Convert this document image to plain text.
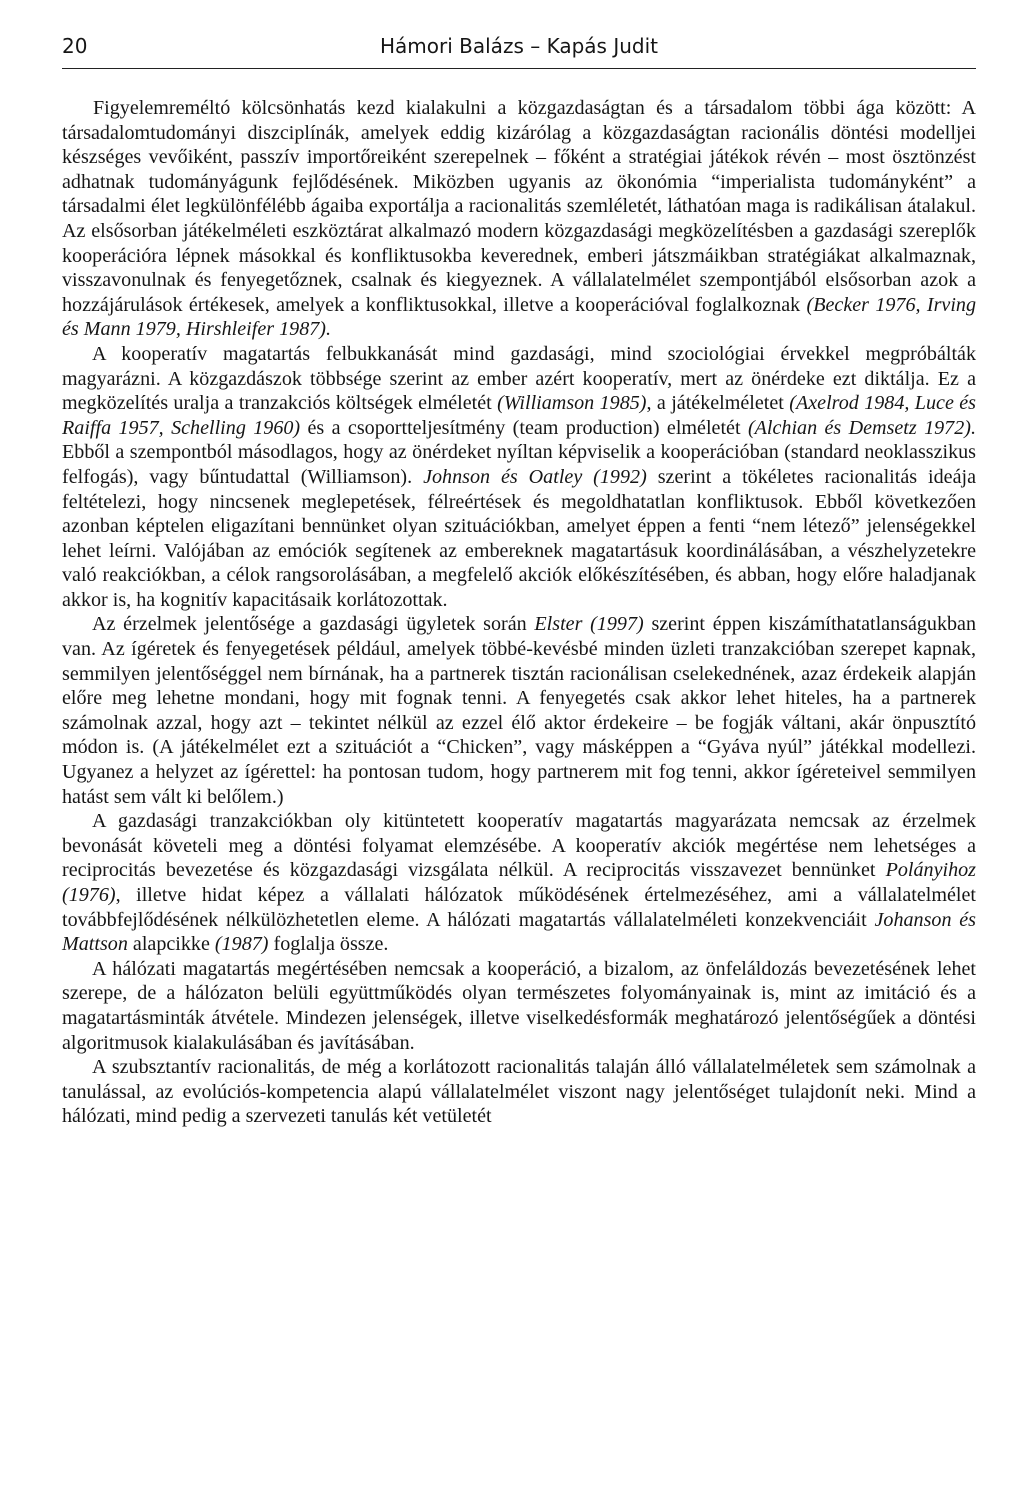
20	Hámori Balázs – Kapás Judit

Figyelemreméltó kölcsönhatás kezd kialakulni a közgazdaságtan és a társadalom többi ága között: A társadalomtudományi diszciplínák, amelyek eddig kizárólag a közgazdaságtan racionális döntési modelljei készséges vevőiként, passzív importőreiként szerepelnek – főként a stratégiai játékok révén – most ösztönzést adhatnak tudományágunk fejlődésének. Miközben ugyanis az ökonómia “imperialista tudományként” a társadalmi élet legkülönfélébb ágaiba exportálja a racionalitás szemléletét, láthatóan maga is radikálisan átalakul. Az elsősorban játékelméleti eszköztárat alkalmazó modern közgazdasági megközelítésben a gazdasági szereplők kooperációra lépnek másokkal és konfliktusokba keverednek, emberi játszmáikban stratégiákat alkalmaznak, visszavonulnak és fenyegetőznek, csalnak és kiegyeznek. A vállalatelmélet szempontjából elsősorban azok a hozzájárulások értékesek, amelyek a konfliktusokkal, illetve a kooperációval foglalkoznak (Becker 1976, Irving és Mann 1979, Hirshleifer 1987).

A kooperatív magatartás felbukkanását mind gazdasági, mind szociológiai érvekkel megpróbálták magyarázni. A közgazdászok többsége szerint az ember azért kooperatív, mert az önérdeke ezt diktálja. Ez a megközelítés uralja a tranzakciós költségek elméletét (Williamson 1985), a játékelméletet (Axelrod 1984, Luce és Raiffa 1957, Schelling 1960) és a csoportteljesítmény (team production) elméletét (Alchian és Demsetz 1972). Ebből a szempontból másodlagos, hogy az önérdeket nyíltan képviselik a kooperációban (standard neoklasszikus felfogás), vagy bűntudattal (Williamson). Johnson és Oatley (1992) szerint a tökéletes racionalitás ideája feltételezi, hogy nincsenek meglepetések, félreértések és megoldhatatlan konfliktusok. Ebből következően azonban képtelen eligazítani bennünket olyan szituációkban, amelyet éppen a fenti “nem létező” jelenségekkel lehet leírni. Valójában az emóciók segítenek az embereknek magatartásuk koordinálásában, a vészhelyzetekre való reakciókban, a célok rangsorolásában, a megfelelő akciók előkészítésében, és abban, hogy előre haladjanak akkor is, ha kognitív kapacitásaik korlátozottak.

Az érzelmek jelentősége a gazdasági ügyletek során Elster (1997) szerint éppen kiszámíthatatlanságukban van. Az ígéretek és fenyegetések például, amelyek többé-kevésbé minden üzleti tranzakcióban szerepet kapnak, semmilyen jelentőséggel nem bírnának, ha a partnerek tisztán racionálisan cselekednének, azaz érdekeik alapján előre meg lehetne mondani, hogy mit fognak tenni. A fenyegetés csak akkor lehet hiteles, ha a partnerek számolnak azzal, hogy azt – tekintet nélkül az ezzel élő aktor érdekeire – be fogják váltani, akár önpusztító módon is. (A játékelmélet ezt a szituációt a “Chicken”, vagy másképpen a “Gyáva nyúl” játékkal modellezi. Ugyanez a helyzet az ígérettel: ha pontosan tudom, hogy partnerem mit fog tenni, akkor ígéreteivel semmilyen hatást sem vált ki belőlem.)

A gazdasági tranzakciókban oly kitüntetett kooperatív magatartás magyarázata nemcsak az érzelmek bevonását követeli meg a döntési folyamat elemzésébe. A kooperatív akciók megértése nem lehetséges a reciprocitás bevezetése és közgazdasági vizsgálata nélkül. A reciprocitás visszavezet bennünket Polányihoz (1976), illetve hidat képez a vállalati hálózatok működésének értelmezéséhez, ami a vállalatelmélet továbbfejlődésének nélkülözhetetlen eleme. A hálózati magatartás vállalatelméleti konzekvenciáit Johanson és Mattson alapcikke (1987) foglalja össze.

A hálózati magatartás megértésében nemcsak a kooperáció, a bizalom, az önfeláldozás bevezetésének lehet szerepe, de a hálózaton belüli együttműködés olyan természetes folyományainak is, mint az imitáció és a magatartásminták átvétele. Mindezen jelenségek, illetve viselkedésformák meghatározó jelentőségűek a döntési algoritmusok kialakulásában és javításában.

A szubsztantív racionalitás, de még a korlátozott racionalitás talaján álló vállalatelméletek sem számolnak a tanulással, az evolúciós-kompetencia alapú vállalatelmélet viszont nagy jelentőséget tulajdonít neki. Mind a hálózati, mind pedig a szervezeti tanulás két vetületét
